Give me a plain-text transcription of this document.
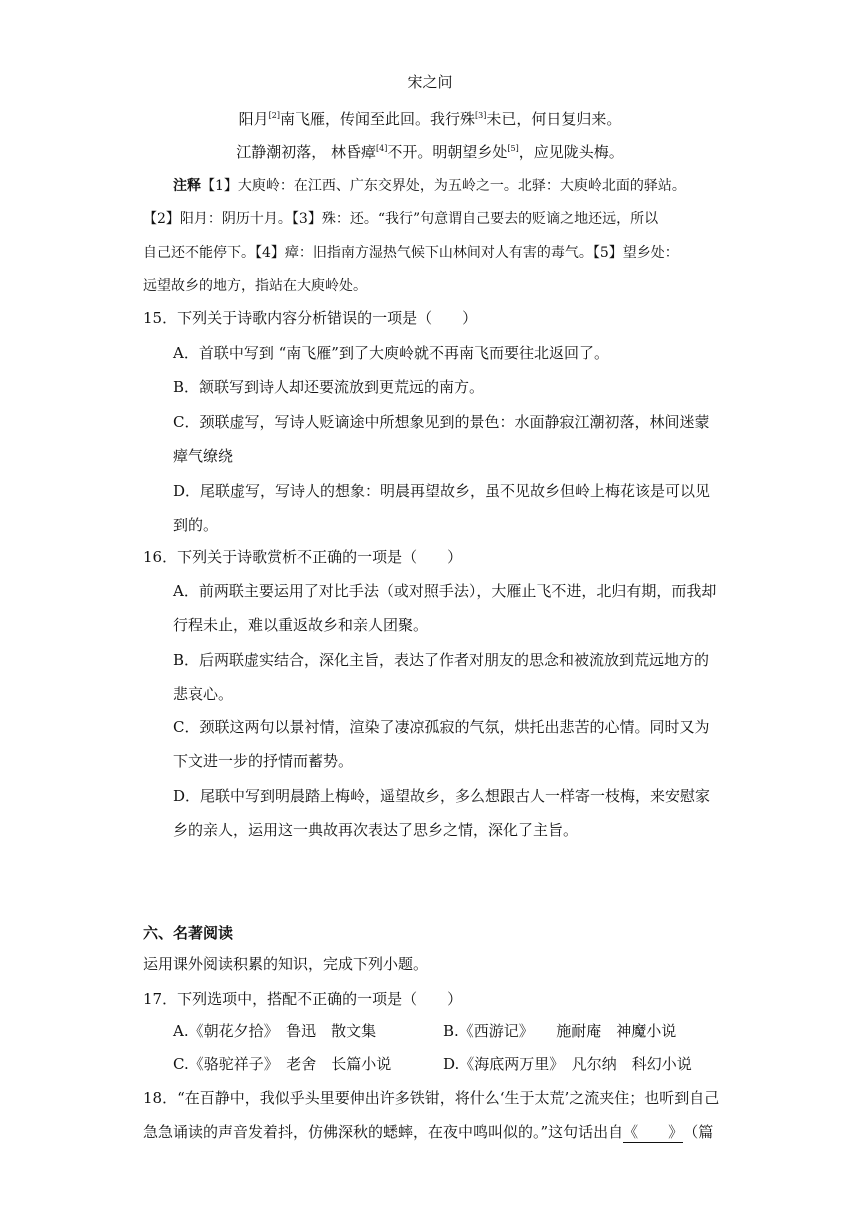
宋之问
阳月[2]南飞雁，传闻至此回。我行殊[3]未已，何日复归来。
江静潮初落， 林昏瘴[4]不开。明朝望乡处[5]，应见陇头梅。
注释【1】大庾岭：在江西、广东交界处，为五岭之一。北驿：大庾岭北面的驿站。
【2】阳月：阴历十月。【3】殊：还。“我行”句意谓自己要去的贬谪之地还远，所以
自己还不能停下。【4】瘴：旧指南方湿热气候下山林间对人有害的毒气。【5】望乡处：
远望故乡的地方，指站在大庾岭处。
15．下列关于诗歌内容分析错误的一项是（　　）
A．首联中写到 “南飞雁”到了大庾岭就不再南飞而要往北返回了。
B．颔联写到诗人却还要流放到更荒远的南方。
C．颈联虚写，写诗人贬谪途中所想象见到的景色：水面静寂江潮初落，林间迷蒙
瘴气缭绕
D．尾联虚写，写诗人的想象：明晨再望故乡，虽不见故乡但岭上梅花该是可以见
到的。
16．下列关于诗歌赏析不正确的一项是（　　）
A．前两联主要运用了对比手法（或对照手法），大雁止飞不进，北归有期，而我却
行程未止，难以重返故乡和亲人团聚。
B．后两联虚实结合，深化主旨，表达了作者对朋友的思念和被流放到荒远地方的
悲哀心。
C．颈联这两句以景衬情，渲染了凄凉孤寂的气氛，烘托出悲苦的心情。同时又为
下文进一步的抒情而蓄势。
D．尾联中写到明晨踏上梅岭，遥望故乡，多么想跟古人一样寄一枝梅，来安慰家
乡的亲人，运用这一典故再次表达了思乡之情，深化了主旨。
六、名著阅读
运用课外阅读积累的知识，完成下列小题。
17．下列选项中，搭配不正确的一项是（　　）
A.《朝花夕拾》　鲁迅　散文集	B.《西游记》　　施耐庵　神魔小说
C.《骆驼祥子》　老舍　长篇小说	D.《海底两万里》　凡尔纳　科幻小说
18．“在百静中，我似乎头里要伸出许多铁钳，将什么‘生于太荒’之流夹住；也听到自己
急急诵读的声音发着抖，仿佛深秋的蟋蟀，在夜中鸣叫似的。”这句话出自《　　》（篇
